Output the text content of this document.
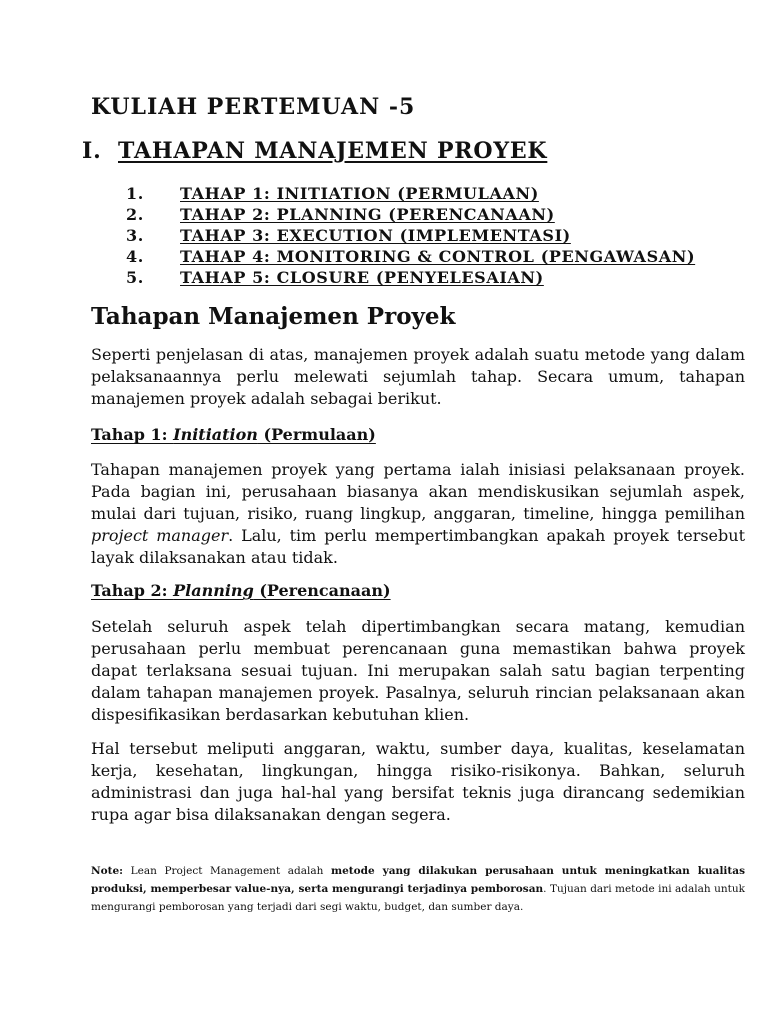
KULIAH PERTEMUAN -5
I. TAHAPAN MANAJEMEN PROYEK
1. TAHAP 1: INITIATION (PERMULAAN)
2. TAHAP 2: PLANNING (PERENCANAAN)
3. TAHAP 3: EXECUTION (IMPLEMENTASI)
4. TAHAP 4: MONITORING & CONTROL (PENGAWASAN)
5. TAHAP 5: CLOSURE (PENYELESAIAN)
Tahapan Manajemen Proyek

Seperti penjelasan di atas, manajemen proyek adalah suatu metode yang dalam pelaksanaannya perlu melewati sejumlah tahap. Secara umum, tahapan manajemen proyek adalah sebagai berikut.

Tahap 1: Initiation (Permulaan)

Tahapan manajemen proyek yang pertama ialah inisiasi pelaksanaan proyek. Pada bagian ini, perusahaan biasanya akan mendiskusikan sejumlah aspek, mulai dari tujuan, risiko, ruang lingkup, anggaran, timeline, hingga pemilihan project manager. Lalu, tim perlu mempertimbangkan apakah proyek tersebut layak dilaksanakan atau tidak.

Tahap 2: Planning (Perencanaan)

Setelah seluruh aspek telah dipertimbangkan secara matang, kemudian perusahaan perlu membuat perencanaan guna memastikan bahwa proyek dapat terlaksana sesuai tujuan. Ini merupakan salah satu bagian terpenting dalam tahapan manajemen proyek. Pasalnya, seluruh rincian pelaksanaan akan dispesifikasikan berdasarkan kebutuhan klien.

Hal tersebut meliputi anggaran, waktu, sumber daya, kualitas, keselamatan kerja, kesehatan, lingkungan, hingga risiko-risikonya. Bahkan, seluruh administrasi dan juga hal-hal yang bersifat teknis juga dirancang sedemikian rupa agar bisa dilaksanakan dengan segera.

Note: Lean Project Management adalah metode yang dilakukan perusahaan untuk meningkatkan kualitas produksi, memperbesar value-nya, serta mengurangi terjadinya pemborosan. Tujuan dari metode ini adalah untuk mengurangi pemborosan yang terjadi dari segi waktu, budget, dan sumber daya.
